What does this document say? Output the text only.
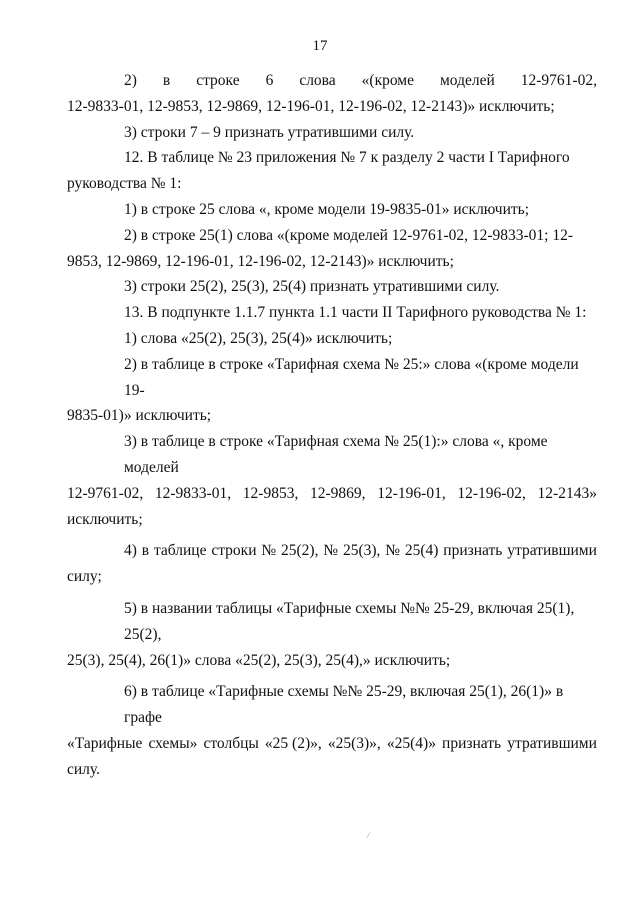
17
2) в строке 6 слова «(кроме моделей 12-9761-02,
12-9833-01, 12-9853, 12-9869, 12-196-01, 12-196-02, 12-2143)» исключить;
3) строки 7 – 9 признать утратившими силу.
12. В таблице № 23 приложения № 7 к разделу 2 части I Тарифного
руководства № 1:
1) в строке 25 слова «, кроме модели 19-9835-01» исключить;
2) в строке 25(1) слова «(кроме моделей 12-9761-02, 12-9833-01; 12-
9853, 12-9869, 12-196-01, 12-196-02, 12-2143)» исключить;
3) строки 25(2), 25(3), 25(4) признать утратившими силу.
13. В подпункте 1.1.7 пункта 1.1 части II Тарифного руководства № 1:
1) слова «25(2), 25(3), 25(4)» исключить;
2) в таблице в строке «Тарифная схема № 25:» слова «(кроме модели 19-
9835-01)» исключить;
3) в таблице в строке «Тарифная схема № 25(1):» слова «, кроме моделей
12-9761-02, 12-9833-01, 12-9853, 12-9869, 12-196-01, 12-196-02, 12-2143»
исключить;
4) в таблице строки № 25(2), № 25(3), № 25(4) признать утратившими
силу;
5) в названии таблицы «Тарифные схемы №№ 25-29, включая 25(1), 25(2),
25(3), 25(4), 26(1)» слова «25(2), 25(3), 25(4),» исключить;
6) в таблице «Тарифные схемы №№ 25-29, включая 25(1), 26(1)» в графе
«Тарифные схемы» столбцы «25 (2)», «25(3)», «25(4)» признать утратившими
силу.
